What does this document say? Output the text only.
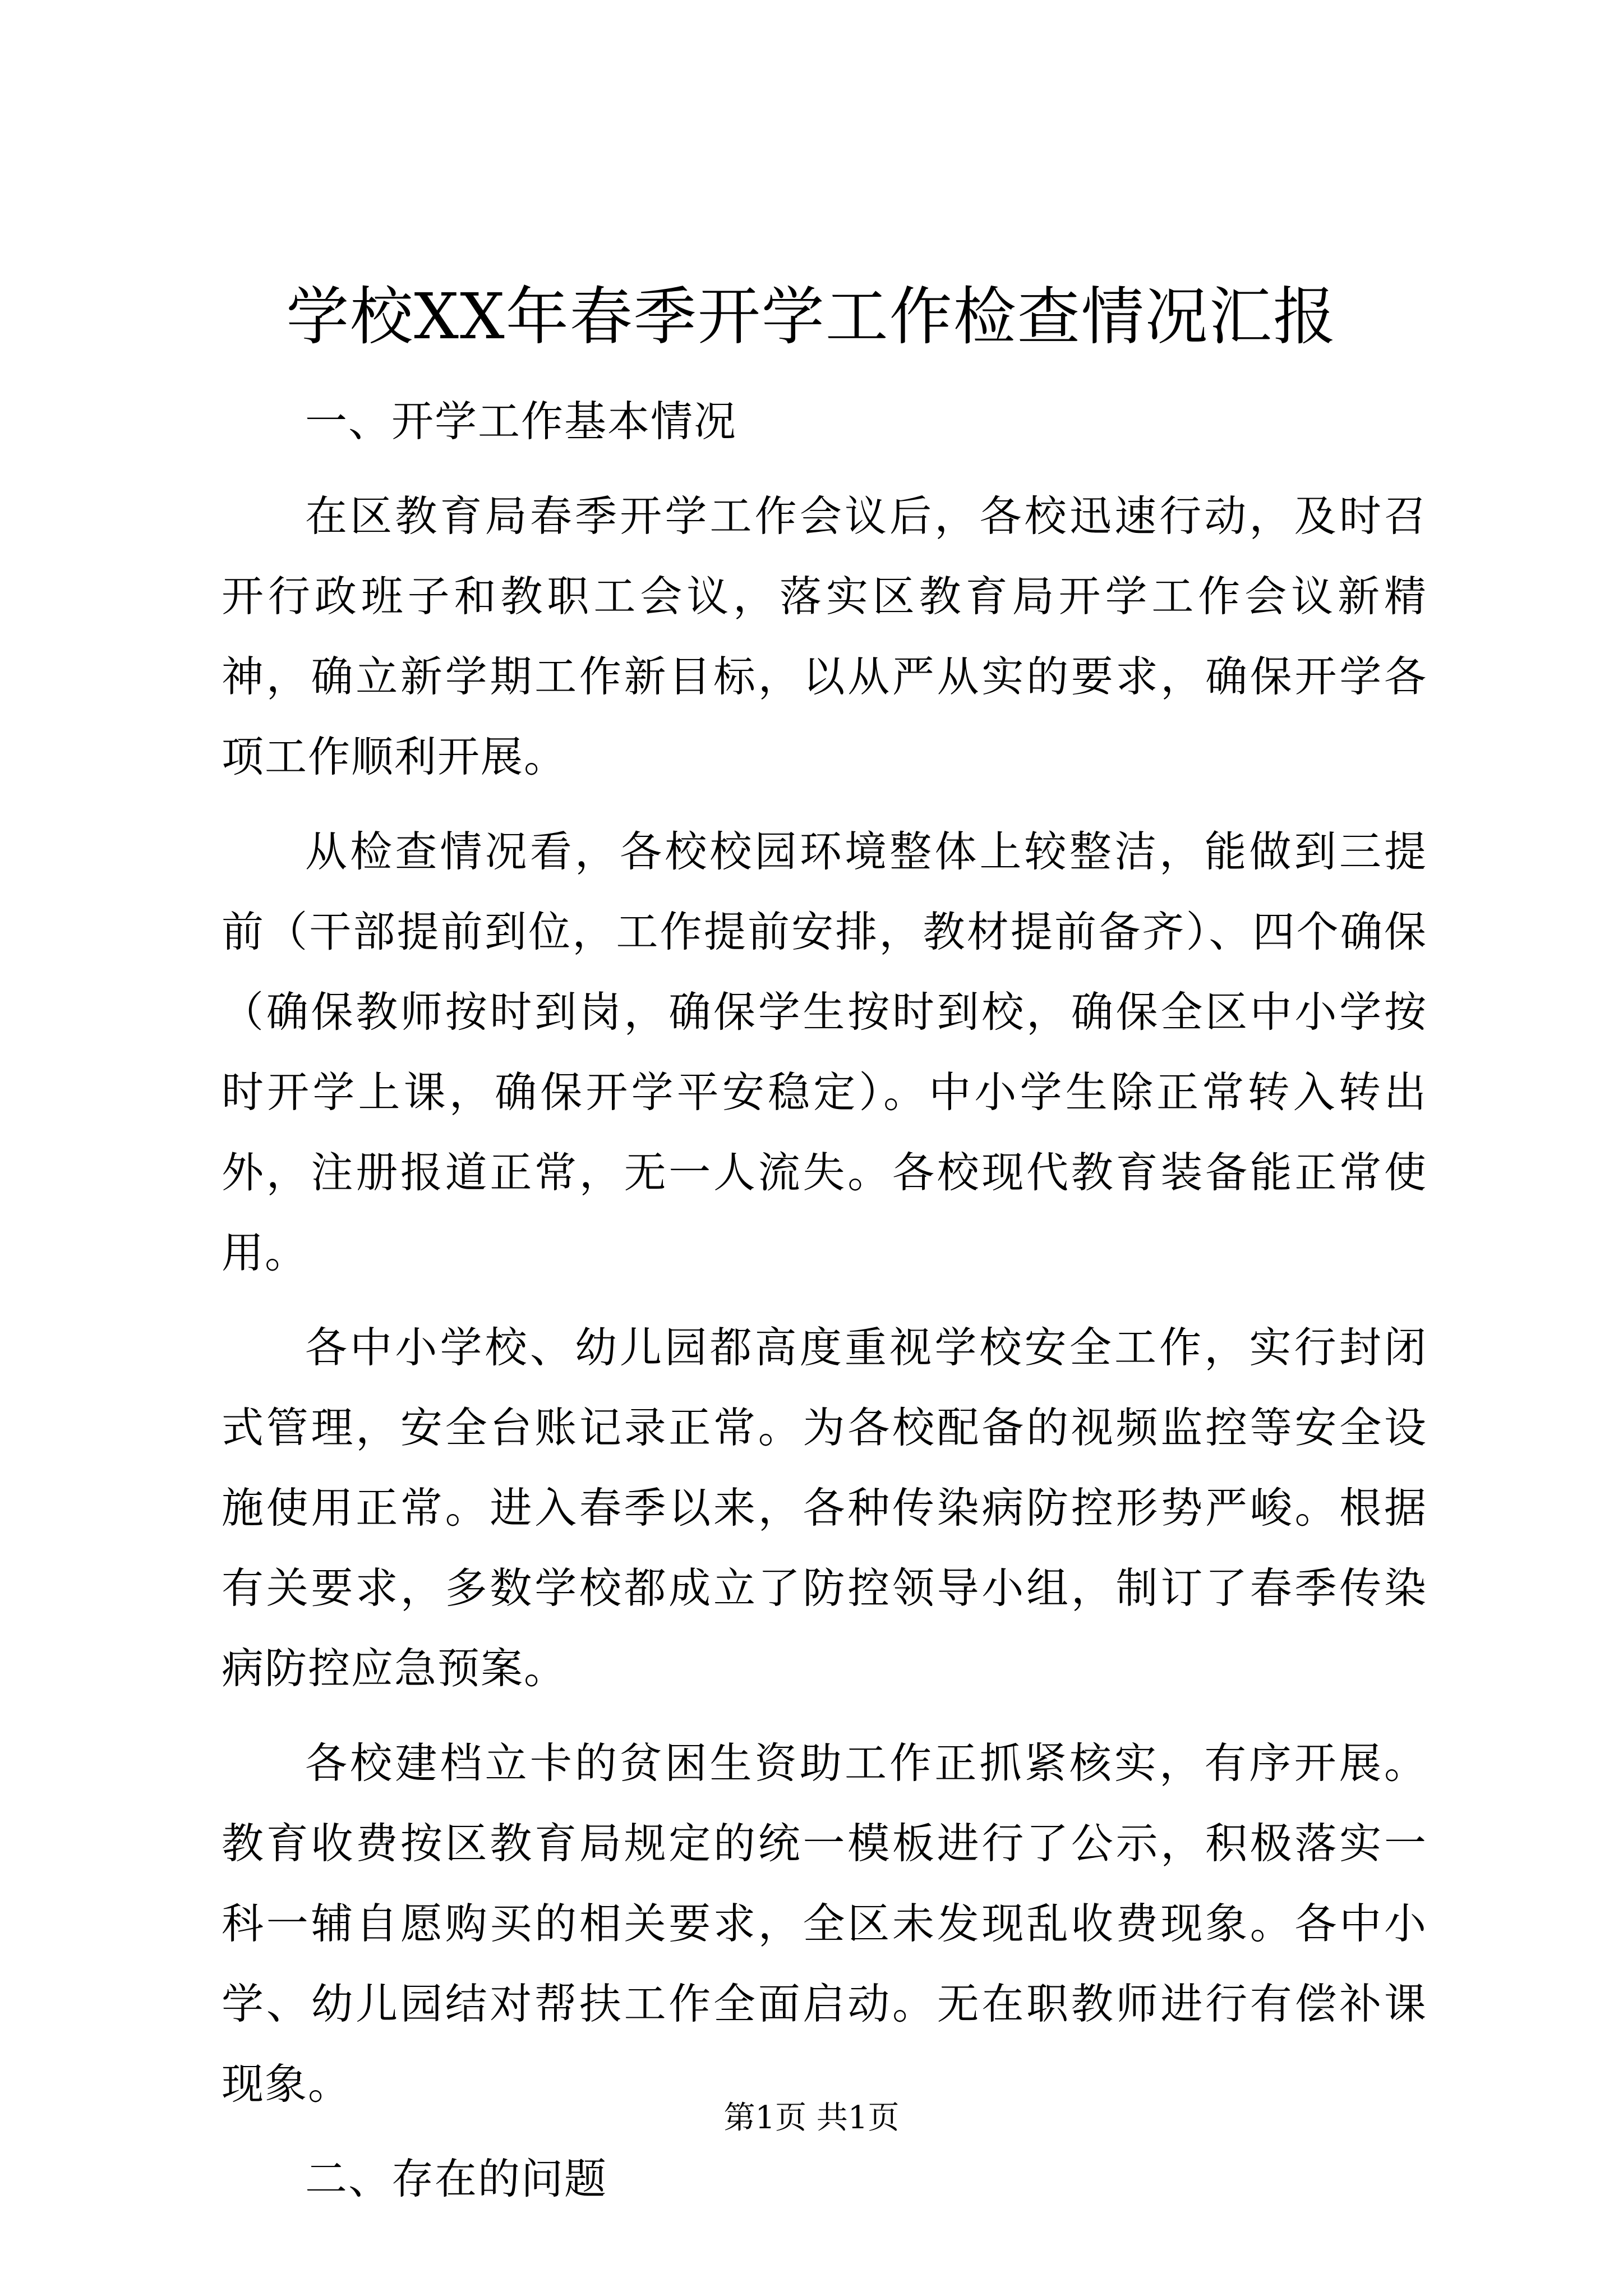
学校XX年春季开学工作检查情况汇报

一、开学工作基本情况

在区教育局春季开学工作会议后，各校迅速行动，及时召开行政班子和教职工会议，落实区教育局开学工作会议新精神，确立新学期工作新目标，以从严从实的要求，确保开学各项工作顺利开展。

从检查情况看，各校校园环境整体上较整洁，能做到三提前（干部提前到位，工作提前安排，教材提前备齐）、四个确保（确保教师按时到岗，确保学生按时到校，确保全区中小学按时开学上课，确保开学平安稳定）。中小学生除正常转入转出外，注册报道正常，无一人流失。各校现代教育装备能正常使用。

各中小学校、幼儿园都高度重视学校安全工作，实行封闭式管理，安全台账记录正常。为各校配备的视频监控等安全设施使用正常。进入春季以来，各种传染病防控形势严峻。根据有关要求，多数学校都成立了防控领导小组，制订了春季传染病防控应急预案。

各校建档立卡的贫困生资助工作正抓紧核实，有序开展。教育收费按区教育局规定的统一模板进行了公示，积极落实一科一辅自愿购买的相关要求，全区未发现乱收费现象。各中小学、幼儿园结对帮扶工作全面启动。无在职教师进行有偿补课现象。

二、存在的问题

第1页 共1页
